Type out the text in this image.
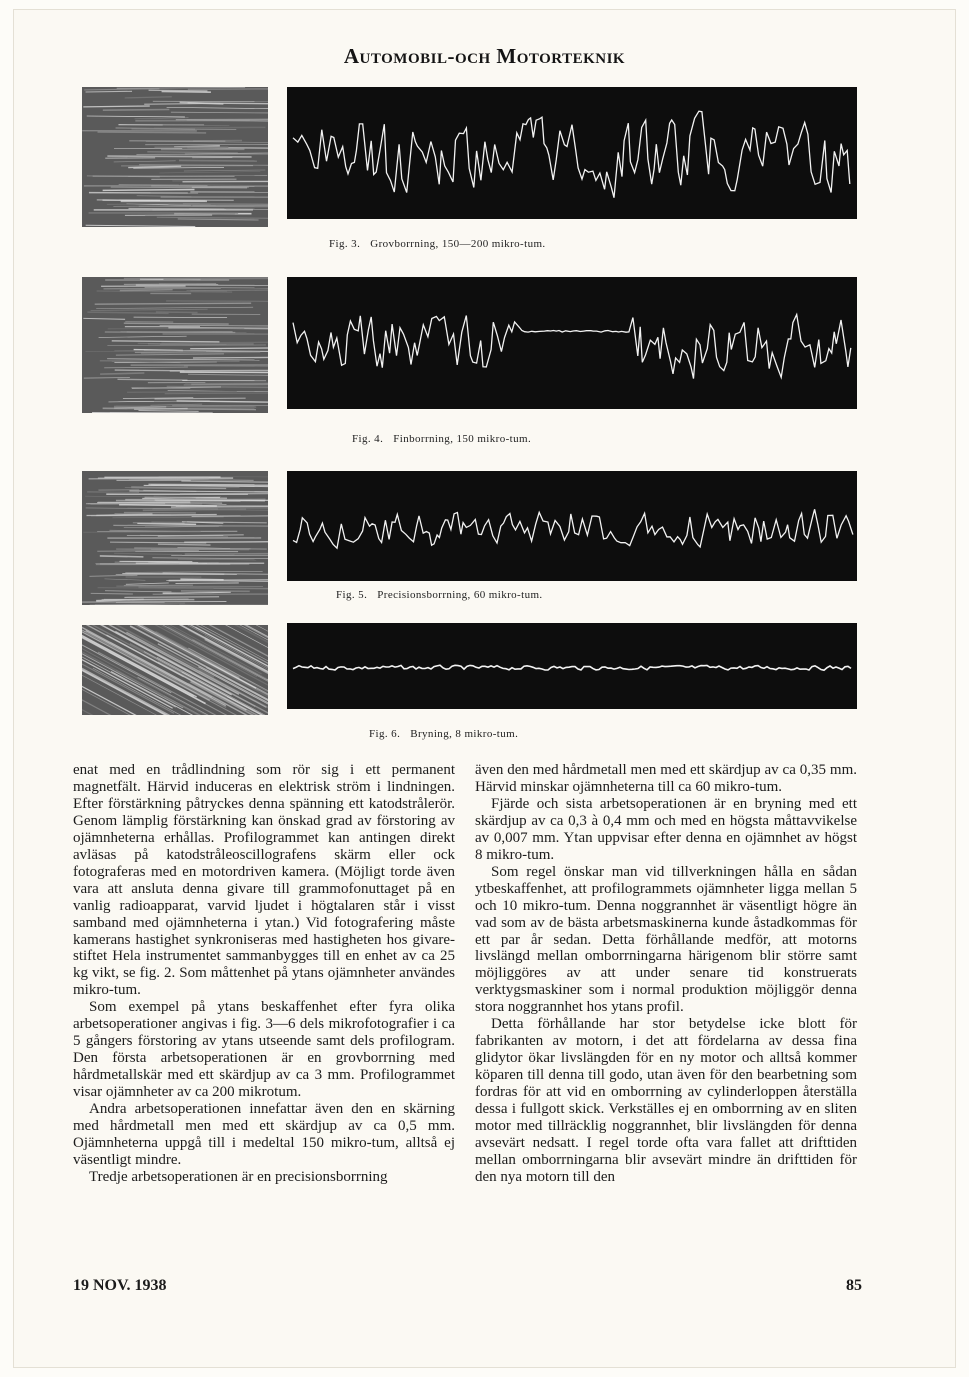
Automobil-och Motorteknik
Fig. 3. Grovborrning, 150—200 mikro-tum.
Fig. 4. Finborrning, 150 mikro-tum.
Fig. 5. Precisionsborrning, 60 mikro-tum.
Fig. 6. Bryning, 8 mikro-tum.

enat med en trådlindning som rör sig i ett permanent magnetfält. Härvid induceras en elektrisk ström i lindningen. Efter förstärkning påtryckes denna spänning ett katodstrålerör. Genom lämplig förstärkning kan önskad grad av förstoring av ojämnheterna erhållas. Profilogrammet kan antingen direkt avläsas på katodstråleoscillografens skärm eller ock fotograferas med en motordriven kamera. (Möjligt torde även vara att ansluta denna givare till grammofonuttaget på en vanlig radioapparat, varvid ljudet i högtalaren står i visst samband med ojämnheterna i ytan.) Vid fotografering måste kamerans hastighet synkroniseras med hastigheten hos givare-stiftet Hela instrumentet sammanbygges till en enhet av ca 25 kg vikt, se fig. 2. Som måttenhet på ytans ojämnheter användes mikro-tum.

Som exempel på ytans beskaffenhet efter fyra olika arbetsoperationer angivas i fig. 3—6 dels mikrofotografier i ca 5 gångers förstoring av ytans utseende samt dels profilogram. Den första arbetsoperationen är en grovborrning med hårdmetallskär med ett skärdjup av ca 3 mm. Profilogrammet visar ojämnheter av ca 200 mikrotum.

Andra arbetsoperationen innefattar även den en skärning med hårdmetall men med ett skärdjup av ca 0,5 mm. Ojämnheterna uppgå till i medeltal 150 mikro-tum, alltså ej väsentligt mindre.

Tredje arbetsoperationen är en precisionsborrning

även den med hårdmetall men med ett skärdjup av ca 0,35 mm. Härvid minskar ojämnheterna till ca 60 mikro-tum.

Fjärde och sista arbetsoperationen är en bryning med ett skärdjup av ca 0,3 à 0,4 mm och med en högsta måttavvikelse av 0,007 mm. Ytan uppvisar efter denna en ojämnhet av högst 8 mikro-tum.

Som regel önskar man vid tillverkningen hålla en sådan ytbeskaffenhet, att profilogrammets ojämnheter ligga mellan 5 och 10 mikro-tum. Denna noggrannhet är väsentligt högre än vad som av de bästa arbetsmaskinerna kunde åstadkommas för ett par år sedan. Detta förhållande medför, att motorns livslängd mellan omborrningarna härigenom blir större samt möjliggöres av att under senare tid konstruerats verktygsmaskiner som i normal produktion möjliggör denna stora noggrannhet hos ytans profil.

Detta förhållande har stor betydelse icke blott för fabrikanten av motorn, i det att fördelarna av dessa fina glidytor ökar livslängden för en ny motor och alltså kommer köparen till denna till godo, utan även för den bearbetning som fordras för att vid en omborrning av cylinderloppen återställa dessa i fullgott skick. Verkställes ej en omborrning av en sliten motor med tillräcklig noggrannhet, blir livslängden för denna avsevärt nedsatt. I regel torde ofta vara fallet att drifttiden mellan omborrningarna blir avsevärt mindre än drifttiden för den nya motorn till den

19 NOV. 1938	85
